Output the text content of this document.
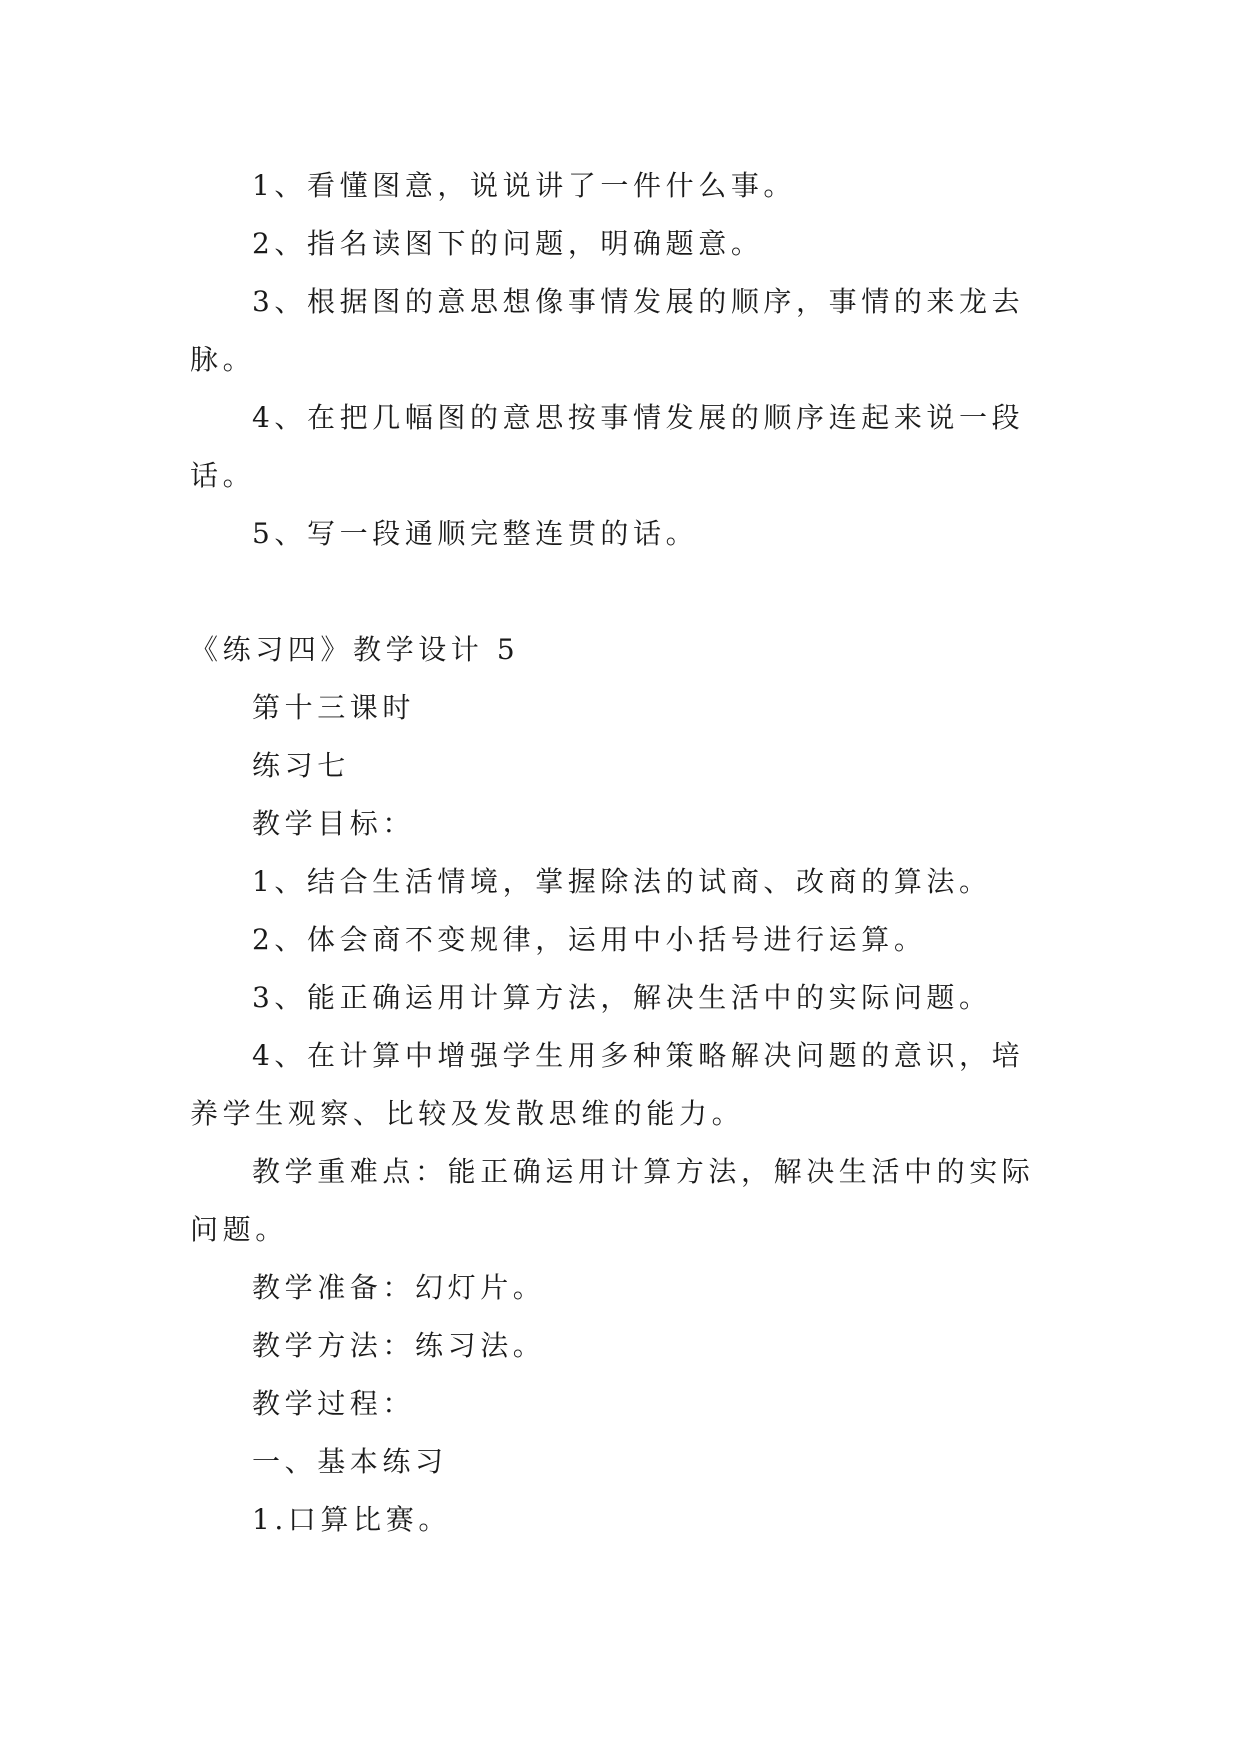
1、看懂图意，说说讲了一件什么事。
2、指名读图下的问题，明确题意。
3、根据图的意思想像事情发展的顺序，事情的来龙去
脉。
4、在把几幅图的意思按事情发展的顺序连起来说一段
话。
5、写一段通顺完整连贯的话。
《练习四》教学设计 5
第十三课时
练习七
教学目标：
1、结合生活情境，掌握除法的试商、改商的算法。
2、体会商不变规律，运用中小括号进行运算。
3、能正确运用计算方法，解决生活中的实际问题。
4、在计算中增强学生用多种策略解决问题的意识，培
养学生观察、比较及发散思维的能力。
教学重难点：能正确运用计算方法，解决生活中的实际
问题。
教学准备：幻灯片。
教学方法：练习法。
教学过程：
一、基本练习
1.口算比赛。
